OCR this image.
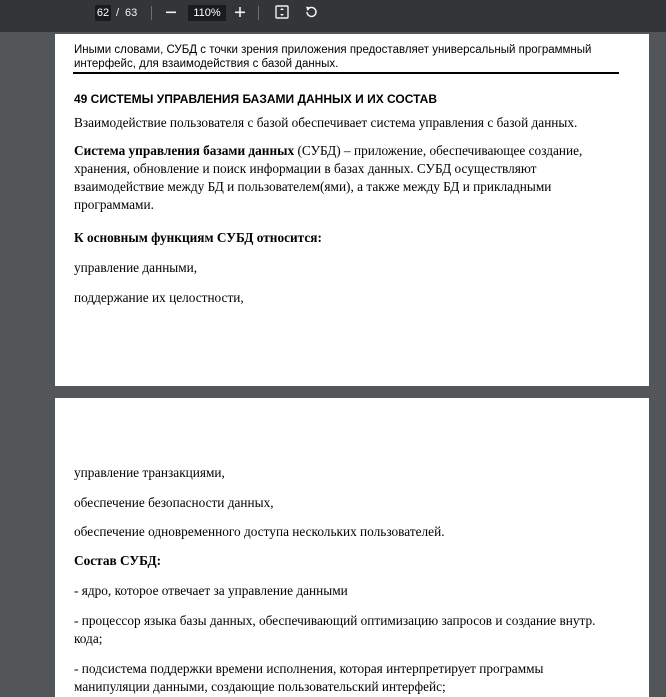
62 / 63	110%
Иными словами, СУБД с точки зрения приложения предоставляет универсальный программный интерфейс, для взаимодействия с базой данных.
49 СИСТЕМЫ УПРАВЛЕНИЯ БАЗАМИ ДАННЫХ И ИХ СОСТАВ
Взаимодействие пользователя с базой обеспечивает система управления с базой данных.
Система управления базами данных (СУБД) – приложение, обеспечивающее создание, хранения, обновление и поиск информации в базах данных. СУБД осуществляют взаимодействие между БД и пользователем(ями), а также между БД и прикладными программами.
К основным функциям СУБД относится:
управление данными,
поддержание их целостности,
управление транзакциями,
обеспечение безопасности данных,
обеспечение одновременного доступа нескольких пользователей.
Состав СУБД:
- ядро, которое отвечает за управление данными
- процессор языка базы данных, обеспечивающий оптимизацию запросов и создание внутр. кода;
- подсистема поддержки времени исполнения, которая интерпретирует программы манипуляции данными, создающие пользовательский интерфейс;
